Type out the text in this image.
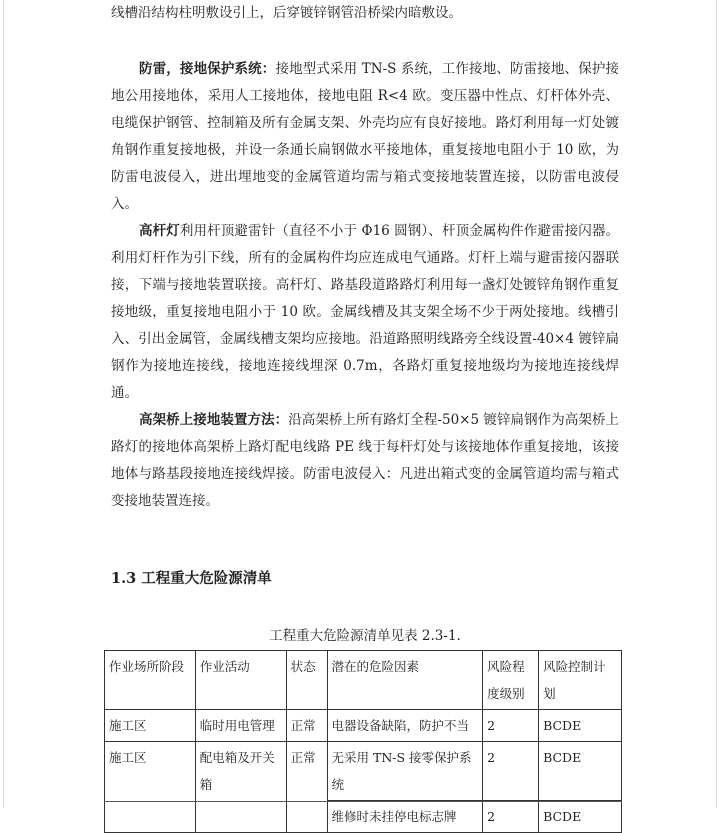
线槽沿结构柱明敷设引上，后穿镀锌钢管沿桥梁内暗敷设。

防雷，接地保护系统：接地型式采用 TN-S 系统，工作接地、防雷接地、保护接地公用接地体，采用人工接地体，接地电阻 R<4 欧。变压器中性点、灯杆体外壳、电缆保护钢管、控制箱及所有金属支架、外壳均应有良好接地。路灯利用每一灯处镀角钢作重复接地极，并设一条通长扁钢做水平接地体，重复接地电阻小于 10 欧，为防雷电波侵入，进出埋地变的金属管道均需与箱式变接地装置连接，以防雷电波侵入。

高杆灯利用杆顶避雷针（直径不小于 Φ16 圆钢）、杆顶金属构件作避雷接闪器。利用灯杆作为引下线，所有的金属构件均应连成电气通路。灯杆上端与避雷接闪器联接，下端与接地装置联接。高杆灯、路基段道路路灯利用每一盏灯处镀锌角钢作重复接地级，重复接地电阻小于 10 欧。金属线槽及其支架全场不少于两处接地。线槽引入、引出金属管，金属线槽支架均应接地。沿道路照明线路旁全线设置-40×4 镀锌扁钢作为接地连接线，接地连接线埋深 0.7m，各路灯重复接地级均为接地连接线焊通。

高架桥上接地装置方法：沿高架桥上所有路灯全程-50×5 镀锌扁钢作为高架桥上路灯的接地体高架桥上路灯配电线路 PE 线于每杆灯处与该接地体作重复接地，该接地体与路基段接地连接线焊接。防雷电波侵入：凡进出箱式变的金属管道均需与箱式变接地装置连接。

1.3 工程重大危险源清单
工程重大危险源清单见表 2.3-1.
作业场所阶段	作业活动	状态	潜在的危险因素	风险程度级别	风险控制计划
施工区	临时用电管理	正常	电器设备缺陷，防护不当	2	BCDE
施工区	配电箱及开关箱	正常	无采用 TN-S 接零保护系统	2	BCDE
			维修时未挂停电标志牌	2	BCDE
